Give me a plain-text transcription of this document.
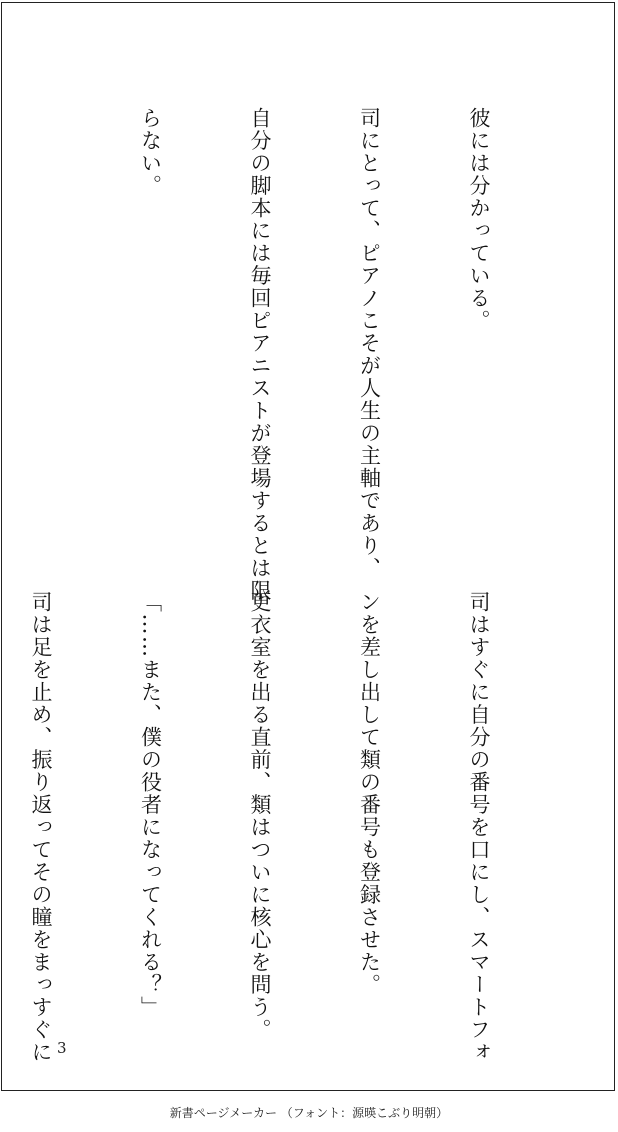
彼には分かっている。

司にとって、ピアノこそが人生の主軸であり、

自分の脚本には毎回ピアニストが登場するとは限

らない。

司はすぐに自分の番号を口にし、スマートフォ

ンを差し出して類の番号も登録させた。

更衣室を出る直前、類はついに核心を問う。

「……また、僕の役者になってくれる？」

司は足を止め、振り返ってその瞳をまっすぐに

3
新書ページメーカー （フォント：源暎こぶり明朝）
